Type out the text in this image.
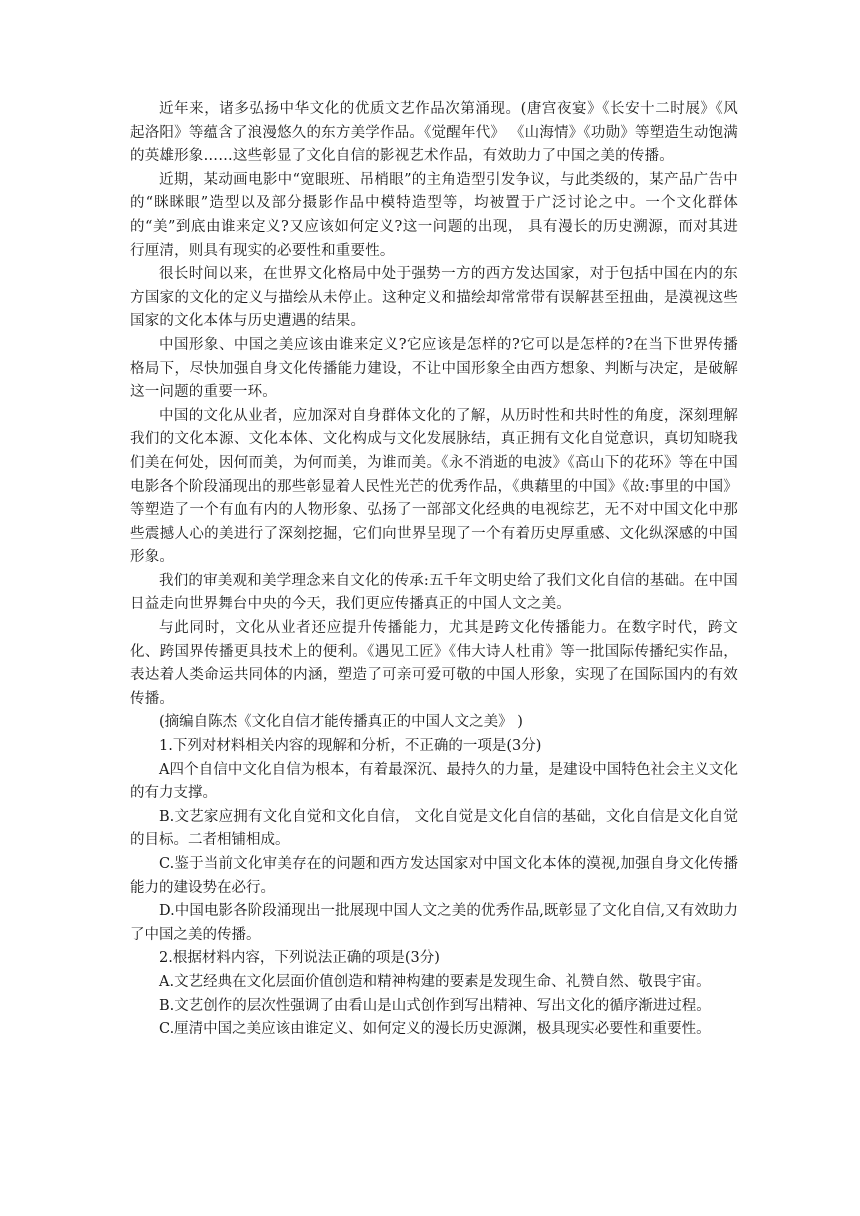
近年来，诸多弘扬中华文化的优质文艺作品次第涌现。(唐宫夜宴》《长安十二时展》《风起洛阳》等蕴含了浪漫悠久的东方美学作品。《觉醒年代》 《山海情》《功勋》等塑造生动饱满的英雄形象……这些彰显了文化自信的影视艺术作品，有效助力了中国之美的传播。

近期，某动画电影中“宽眼班、吊梢眼”的主角造型引发争议，与此类级的，某产品广告中的“眯眯眼”造型以及部分摄影作品中模特造型等，均被置于广泛讨论之中。一个文化群体的“美”到底由谁来定义?又应该如何定义?这一问题的出现， 具有漫长的历史溯源，而对其进行厘清，则具有现实的必要性和重要性。

很长时间以来，在世界文化格局中处于强势一方的西方发达国家，对于包括中国在内的东方国家的文化的定义与描绘从未停止。这种定义和描绘却常常带有误解甚至扭曲，是漠视这些国家的文化本体与历史遭遇的结果。

中国形象、中国之美应该由谁来定义?它应该是怎样的?它可以是怎样的?在当下世界传播格局下，尽快加强自身文化传播能力建设，不让中国形象全由西方想象、判断与决定，是破解这一问题的重要一环。

中国的文化从业者，应加深对自身群体文化的了解，从历时性和共时性的角度，深刻理解我们的文化本源、文化本体、文化构成与文化发展脉结，真正拥有文化自觉意识，真切知晓我们美在何处，因何而美，为何而美，为谁而美。《永不消逝的电波》《高山下的花环》等在中国电影各个阶段涌现出的那些彰显着人民性光芒的优秀作品，《典藉里的中国》《故:事里的中国》等塑造了一个有血有内的人物形象、弘扬了一部部文化经典的电视综艺，无不对中国文化中那些震撼人心的美进行了深刻挖掘，它们向世界呈现了一个有着历史厚重感、文化纵深感的中国形象。

我们的审美观和美学理念来自文化的传承:五千年文明史给了我们文化自信的基础。在中国日益走向世界舞台中央的今天，我们更应传播真正的中国人文之美。

与此同时，文化从业者还应提升传播能力，尤其是跨文化传播能力。在数字时代，跨文化、跨国界传播更具技术上的便利。《遇见工匠》《伟大诗人杜甫》等一批国际传播纪实作品，表达着人类命运共同体的内涵，塑造了可亲可爱可敬的中国人形象，实现了在国际国内的有效传播。

(摘编自陈杰《文化自信才能传播真正的中国人文之美》 )

1.下列对材料相关内容的现解和分析，不正确的一项是(3分)

A四个自信中文化自信为根本，有着最深沉、最持久的力量，是建设中国特色社会主义文化的有力支撑。

B.文艺家应拥有文化自觉和文化自信， 文化自觉是文化自信的基础，文化自信是文化自觉的目标。二者相铺相成。

C.鉴于当前文化审美存在的问题和西方发达国家对中国文化本体的漠视,加强自身文化传播能力的建设势在必行。

D.中国电影各阶段涌现出一批展现中国人文之美的优秀作品,既彰显了文化自信,又有效助力了中国之美的传播。

2.根据材料内容，下列说法正确的项是(3分)

A.文艺经典在文化层面价值创造和精神构建的要素是发现生命、礼赞自然、敬畏宇宙。

B.文艺创作的层次性强调了由看山是山式创作到写出精神、写出文化的循序渐进过程。

C.厘清中国之美应该由谁定义、如何定义的漫长历史源渊，极具现实必要性和重要性。
